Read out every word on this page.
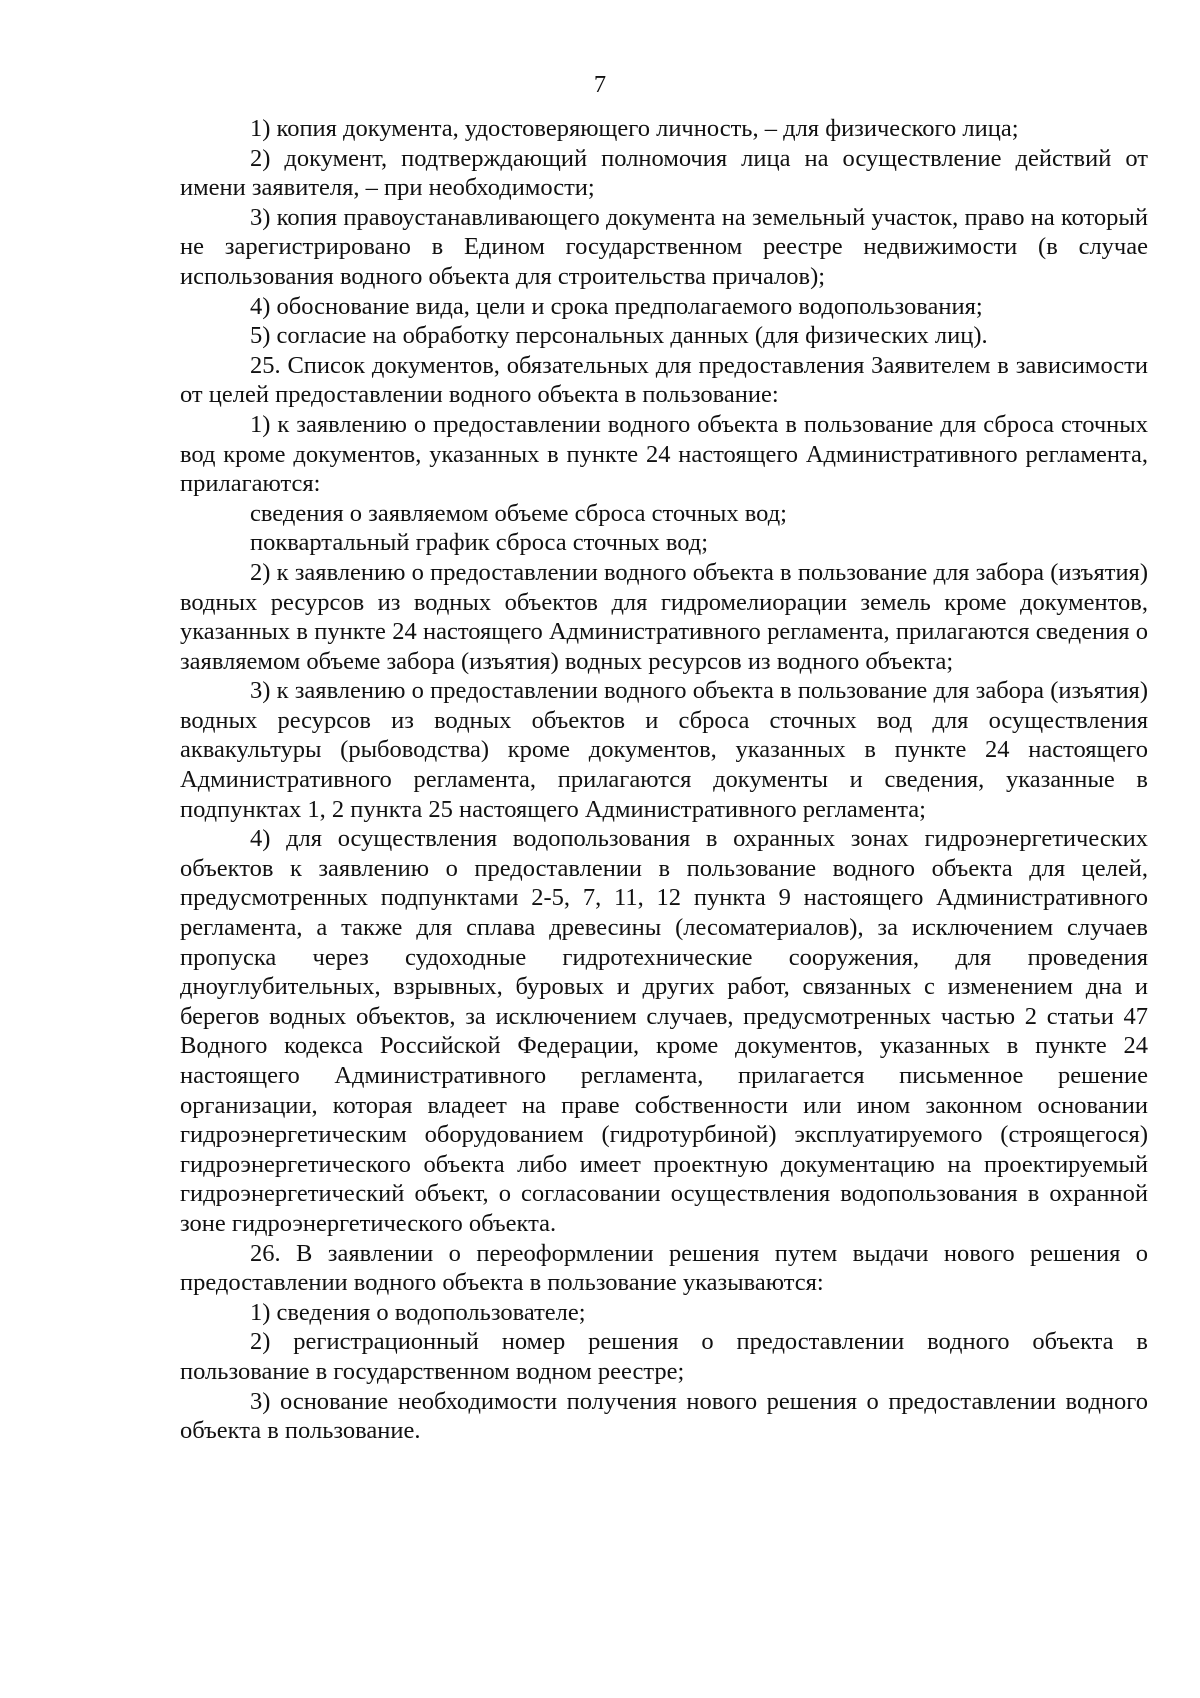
7

1) копия документа, удостоверяющего личность, – для физического лица;

2) документ, подтверждающий полномочия лица на осуществление действий от имени заявителя, – при необходимости;

3) копия правоустанавливающего документа на земельный участок, право на который не зарегистрировано в Едином государственном реестре недвижимости (в случае использования водного объекта для строительства причалов);

4) обоснование вида, цели и срока предполагаемого водопользования;

5) согласие на обработку персональных данных (для физических лиц).

25. Список документов, обязательных для предоставления Заявителем в зависимости от целей предоставлении водного объекта в пользование:

1) к заявлению о предоставлении водного объекта в пользование для сброса сточных вод кроме документов, указанных в пункте 24 настоящего Административного регламента, прилагаются:

сведения о заявляемом объеме сброса сточных вод;

поквартальный график сброса сточных вод;

2) к заявлению о предоставлении водного объекта в пользование для забора (изъятия) водных ресурсов из водных объектов для гидромелиорации земель кроме документов, указанных в пункте 24 настоящего Административного регламента, прилагаются сведения о заявляемом объеме забора (изъятия) водных ресурсов из водного объекта;

3) к заявлению о предоставлении водного объекта в пользование для забора (изъятия) водных ресурсов из водных объектов и сброса сточных вод для осуществления аквакультуры (рыбоводства) кроме документов, указанных в пункте 24 настоящего Административного регламента, прилагаются документы и сведения, указанные в подпунктах 1, 2 пункта 25 настоящего Административного регламента;

4) для осуществления водопользования в охранных зонах гидроэнергетических объектов к заявлению о предоставлении в пользование водного объекта для целей, предусмотренных подпунктами 2-5, 7, 11, 12 пункта 9 настоящего Административного регламента, а также для сплава древесины (лесоматериалов), за исключением случаев пропуска через судоходные гидротехнические сооружения, для проведения дноуглубительных, взрывных, буровых и других работ, связанных с изменением дна и берегов водных объектов, за исключением случаев, предусмотренных частью 2 статьи 47 Водного кодекса Российской Федерации, кроме документов, указанных в пункте 24 настоящего Административного регламента, прилагается письменное решение организации, которая владеет на праве собственности или ином законном основании гидроэнергетическим оборудованием (гидротурбиной) эксплуатируемого (строящегося) гидроэнергетического объекта либо имеет проектную документацию на проектируемый гидроэнергетический объект, о согласовании осуществления водопользования в охранной зоне гидроэнергетического объекта.

26. В заявлении о переоформлении решения путем выдачи нового решения о предоставлении водного объекта в пользование указываются:

1) сведения о водопользователе;

2) регистрационный номер решения о предоставлении водного объекта в пользование в государственном водном реестре;

3) основание необходимости получения нового решения о предоставлении водного объекта в пользование.
